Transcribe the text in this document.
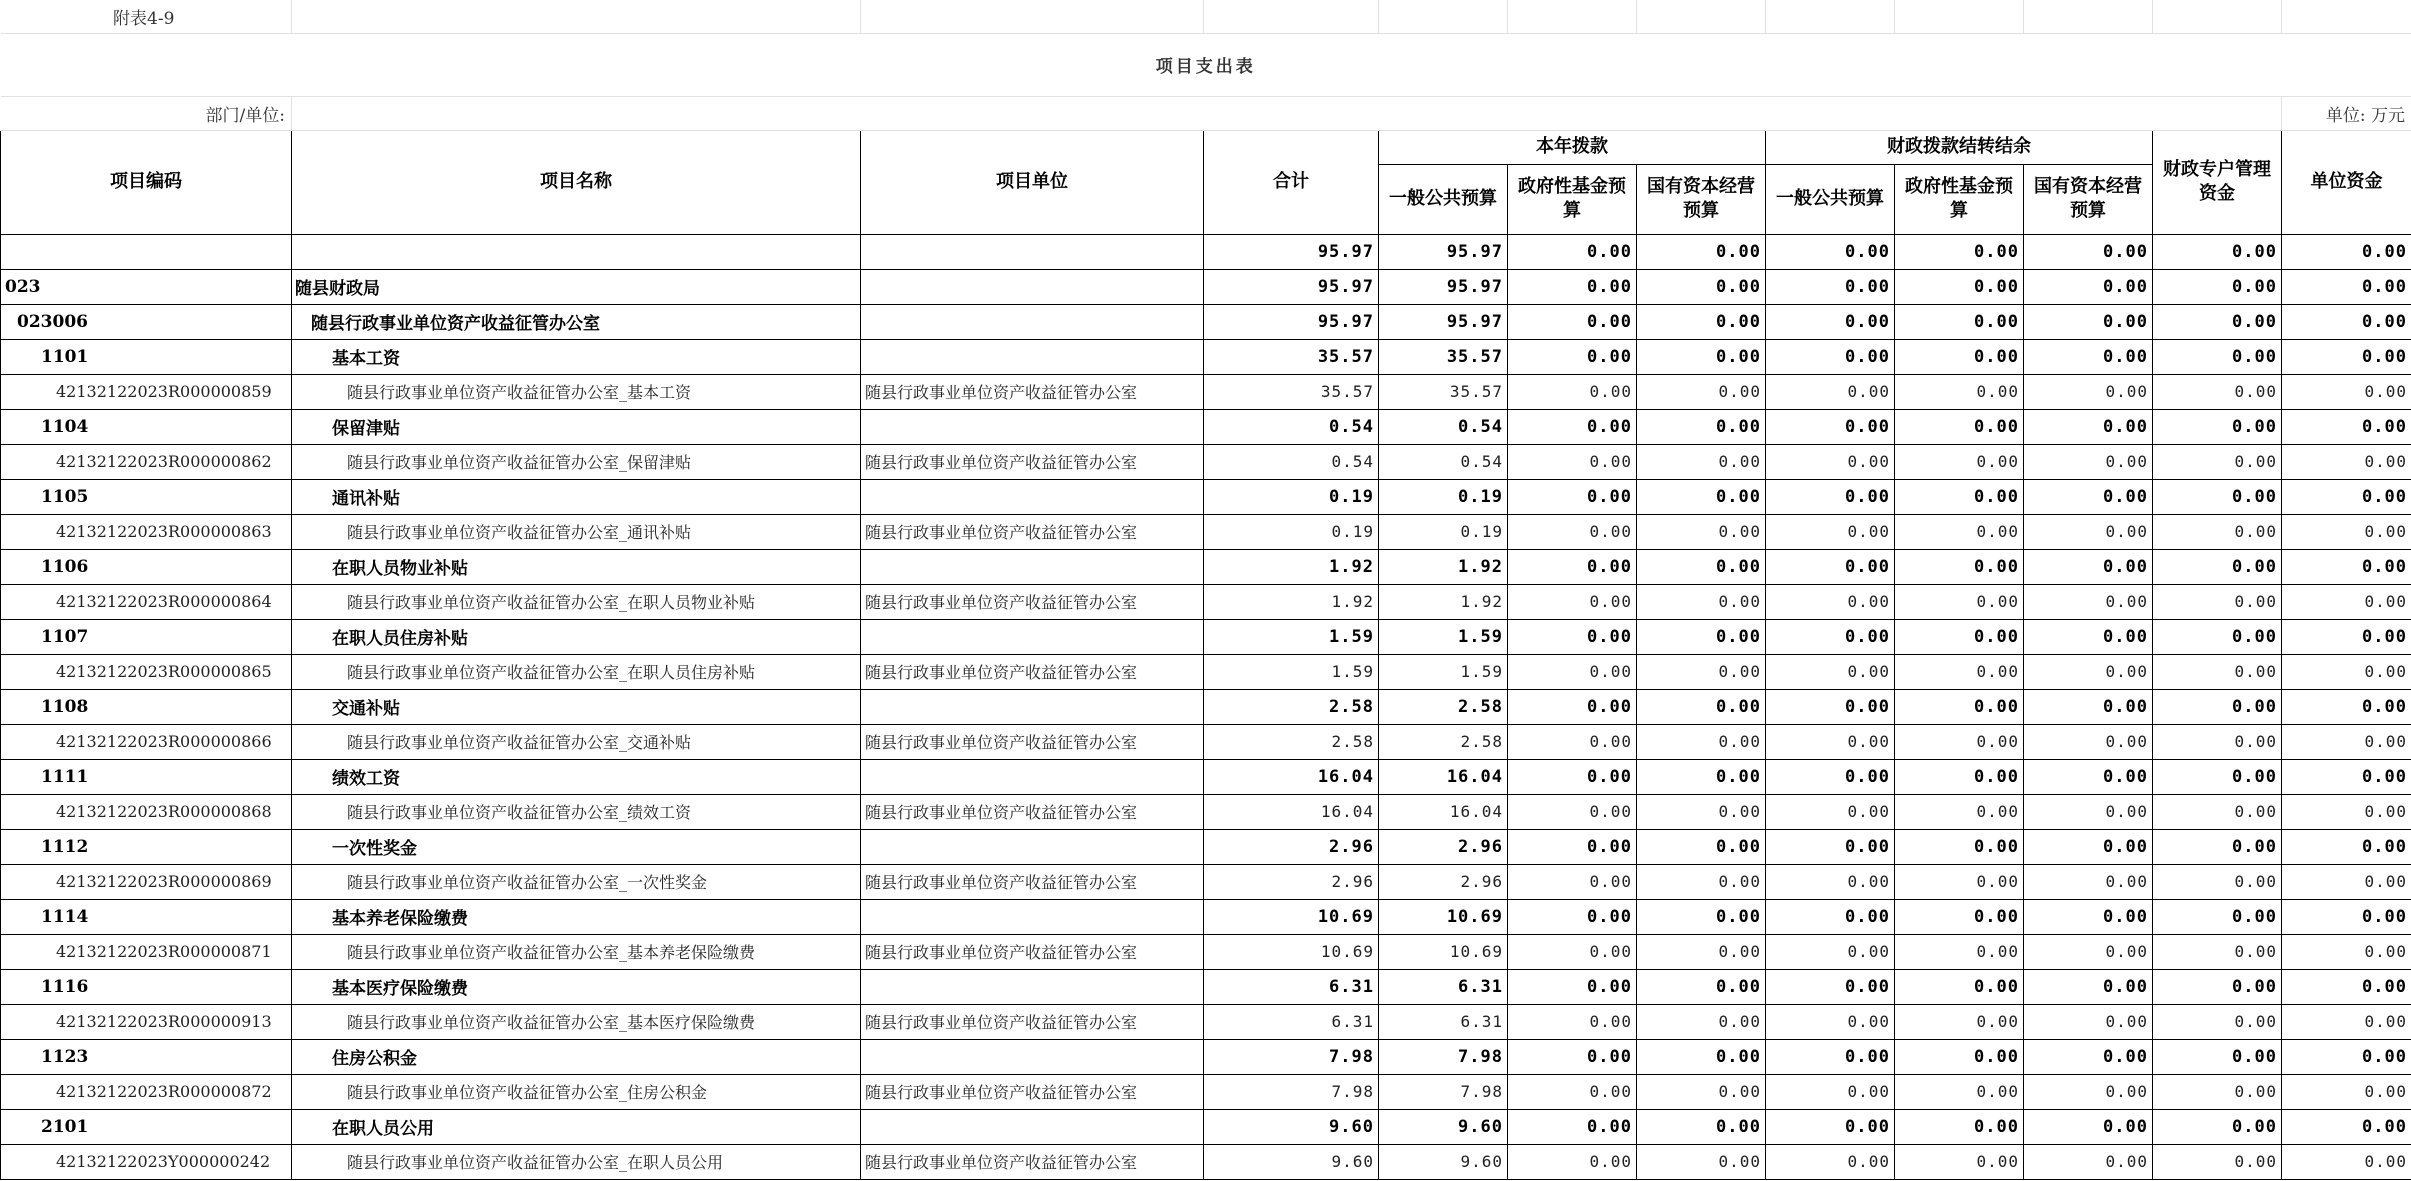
附表4-9											
项目支出表											
部门/单位:											单位: 万元
项目编码	项目名称	项目单位	合计	本年拨款			财政拨款结转结余			财政专户管理资金	单位资金
				一般公共预算	政府性基金预算	国有资本经营预算	一般公共预算	政府性基金预算	国有资本经营预算		
			95.97	95.97	0.00	0.00	0.00	0.00	0.00	0.00	0.00
023	随县财政局		95.97	95.97	0.00	0.00	0.00	0.00	0.00	0.00	0.00
023006	随县行政事业单位资产收益征管办公室		95.97	95.97	0.00	0.00	0.00	0.00	0.00	0.00	0.00
1101	基本工资		35.57	35.57	0.00	0.00	0.00	0.00	0.00	0.00	0.00
42132122023R000000859	随县行政事业单位资产收益征管办公室_基本工资	随县行政事业单位资产收益征管办公室	35.57	35.57	0.00	0.00	0.00	0.00	0.00	0.00	0.00
1104	保留津贴		0.54	0.54	0.00	0.00	0.00	0.00	0.00	0.00	0.00
42132122023R000000862	随县行政事业单位资产收益征管办公室_保留津贴	随县行政事业单位资产收益征管办公室	0.54	0.54	0.00	0.00	0.00	0.00	0.00	0.00	0.00
1105	通讯补贴		0.19	0.19	0.00	0.00	0.00	0.00	0.00	0.00	0.00
42132122023R000000863	随县行政事业单位资产收益征管办公室_通讯补贴	随县行政事业单位资产收益征管办公室	0.19	0.19	0.00	0.00	0.00	0.00	0.00	0.00	0.00
1106	在职人员物业补贴		1.92	1.92	0.00	0.00	0.00	0.00	0.00	0.00	0.00
42132122023R000000864	随县行政事业单位资产收益征管办公室_在职人员物业补贴	随县行政事业单位资产收益征管办公室	1.92	1.92	0.00	0.00	0.00	0.00	0.00	0.00	0.00
1107	在职人员住房补贴		1.59	1.59	0.00	0.00	0.00	0.00	0.00	0.00	0.00
42132122023R000000865	随县行政事业单位资产收益征管办公室_在职人员住房补贴	随县行政事业单位资产收益征管办公室	1.59	1.59	0.00	0.00	0.00	0.00	0.00	0.00	0.00
1108	交通补贴		2.58	2.58	0.00	0.00	0.00	0.00	0.00	0.00	0.00
42132122023R000000866	随县行政事业单位资产收益征管办公室_交通补贴	随县行政事业单位资产收益征管办公室	2.58	2.58	0.00	0.00	0.00	0.00	0.00	0.00	0.00
1111	绩效工资		16.04	16.04	0.00	0.00	0.00	0.00	0.00	0.00	0.00
42132122023R000000868	随县行政事业单位资产收益征管办公室_绩效工资	随县行政事业单位资产收益征管办公室	16.04	16.04	0.00	0.00	0.00	0.00	0.00	0.00	0.00
1112	一次性奖金		2.96	2.96	0.00	0.00	0.00	0.00	0.00	0.00	0.00
42132122023R000000869	随县行政事业单位资产收益征管办公室_一次性奖金	随县行政事业单位资产收益征管办公室	2.96	2.96	0.00	0.00	0.00	0.00	0.00	0.00	0.00
1114	基本养老保险缴费		10.69	10.69	0.00	0.00	0.00	0.00	0.00	0.00	0.00
42132122023R000000871	随县行政事业单位资产收益征管办公室_基本养老保险缴费	随县行政事业单位资产收益征管办公室	10.69	10.69	0.00	0.00	0.00	0.00	0.00	0.00	0.00
1116	基本医疗保险缴费		6.31	6.31	0.00	0.00	0.00	0.00	0.00	0.00	0.00
42132122023R000000913	随县行政事业单位资产收益征管办公室_基本医疗保险缴费	随县行政事业单位资产收益征管办公室	6.31	6.31	0.00	0.00	0.00	0.00	0.00	0.00	0.00
1123	住房公积金		7.98	7.98	0.00	0.00	0.00	0.00	0.00	0.00	0.00
42132122023R000000872	随县行政事业单位资产收益征管办公室_住房公积金	随县行政事业单位资产收益征管办公室	7.98	7.98	0.00	0.00	0.00	0.00	0.00	0.00	0.00
2101	在职人员公用		9.60	9.60	0.00	0.00	0.00	0.00	0.00	0.00	0.00
42132122023Y000000242	随县行政事业单位资产收益征管办公室_在职人员公用	随县行政事业单位资产收益征管办公室	9.60	9.60	0.00	0.00	0.00	0.00	0.00	0.00	0.00
